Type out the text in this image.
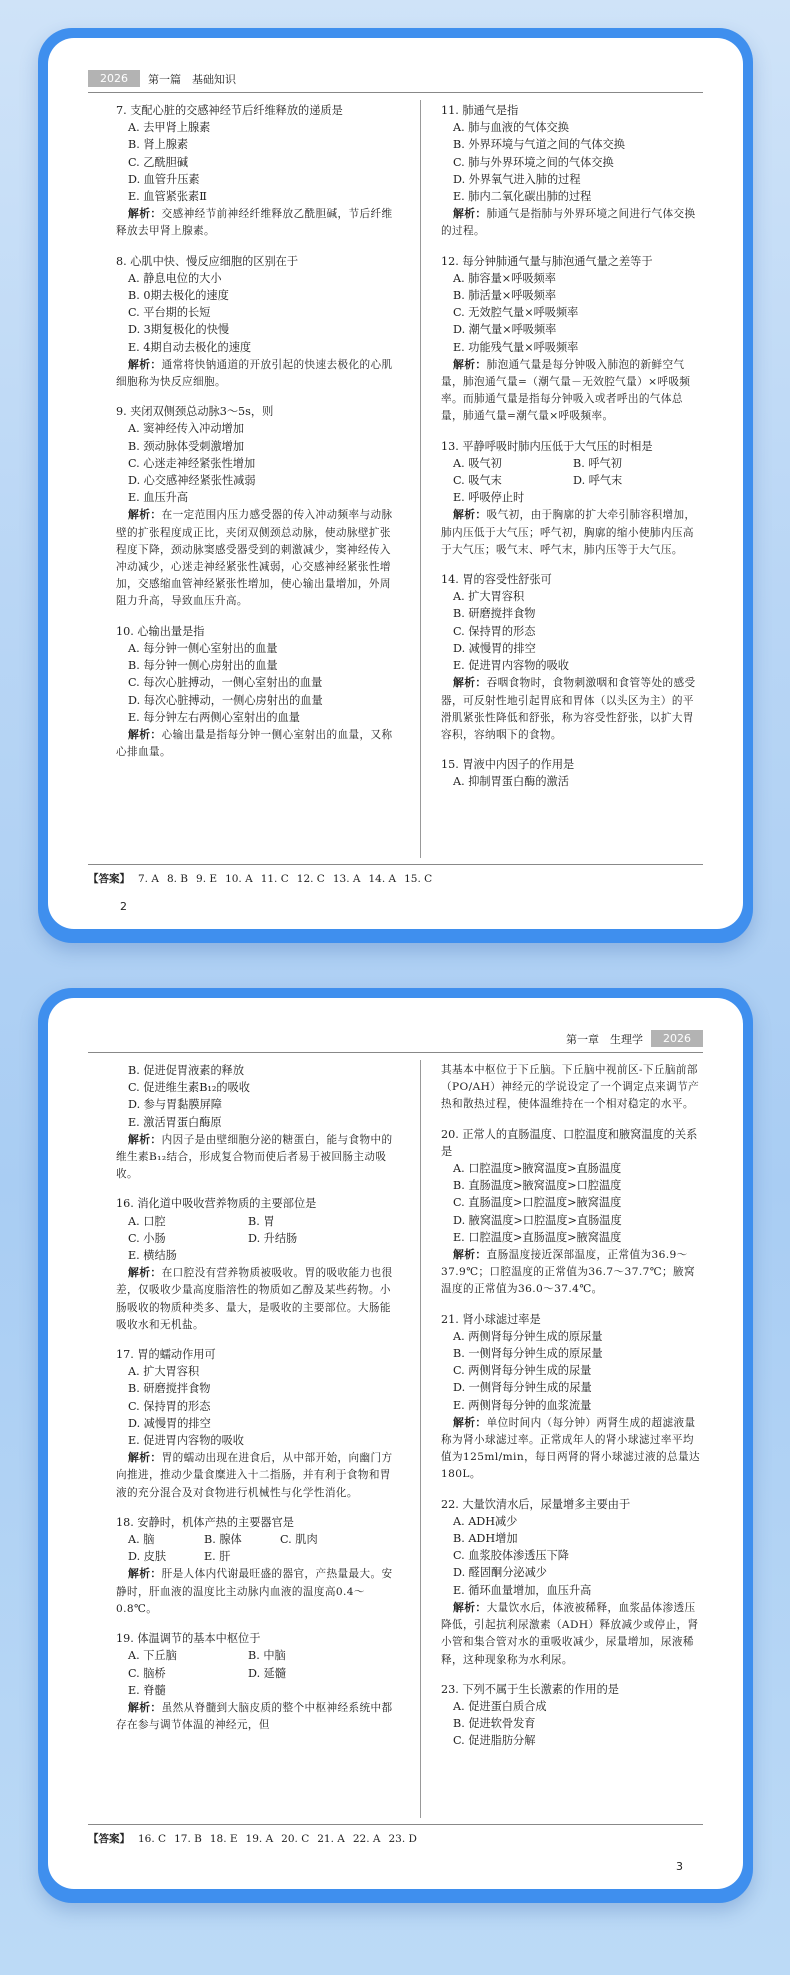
2026	第一篇　基础知识
7. 支配心脏的交感神经节后纤维释放的递质是
A. 去甲肾上腺素
B. 肾上腺素
C. 乙酰胆碱
D. 血管升压素
E. 血管紧张素Ⅱ
解析：交感神经节前神经纤维释放乙酰胆碱，节后纤维释放去甲肾上腺素。
8. 心肌中快、慢反应细胞的区别在于
A. 静息电位的大小
B. 0期去极化的速度
C. 平台期的长短
D. 3期复极化的快慢
E. 4期自动去极化的速度
解析：通常将快钠通道的开放引起的快速去极化的心肌细胞称为快反应细胞。
9. 夹闭双侧颈总动脉3～5s，则
A. 窦神经传入冲动增加
B. 颈动脉体受刺激增加
C. 心迷走神经紧张性增加
D. 心交感神经紧张性减弱
E. 血压升高
解析：在一定范围内压力感受器的传入冲动频率与动脉壁的扩张程度成正比，夹闭双侧颈总动脉，使动脉壁扩张程度下降，颈动脉窦感受器受到的刺激减少，窦神经传入冲动减少，心迷走神经紧张性减弱，心交感神经紧张性增加，交感缩血管神经紧张性增加，使心输出量增加，外周阻力升高，导致血压升高。
10. 心输出量是指
A. 每分钟一侧心室射出的血量
B. 每分钟一侧心房射出的血量
C. 每次心脏搏动，一侧心室射出的血量
D. 每次心脏搏动，一侧心房射出的血量
E. 每分钟左右两侧心室射出的血量
解析：心输出量是指每分钟一侧心室射出的血量，又称心排血量。
11. 肺通气是指
A. 肺与血液的气体交换
B. 外界环境与气道之间的气体交换
C. 肺与外界环境之间的气体交换
D. 外界氧气进入肺的过程
E. 肺内二氧化碳出肺的过程
解析：肺通气是指肺与外界环境之间进行气体交换的过程。
12. 每分钟肺通气量与肺泡通气量之差等于
A. 肺容量×呼吸频率
B. 肺活量×呼吸频率
C. 无效腔气量×呼吸频率
D. 潮气量×呼吸频率
E. 功能残气量×呼吸频率
解析：肺泡通气量是每分钟吸入肺泡的新鲜空气量，肺泡通气量=（潮气量－无效腔气量）×呼吸频率。而肺通气量是指每分钟吸入或者呼出的气体总量，肺通气量=潮气量×呼吸频率。
13. 平静呼吸时肺内压低于大气压的时相是
A. 吸气初	B. 呼气初
C. 吸气末	D. 呼气末
E. 呼吸停止时
解析：吸气初，由于胸廓的扩大牵引肺容积增加，肺内压低于大气压；呼气初，胸廓的缩小使肺内压高于大气压；吸气末、呼气末，肺内压等于大气压。
14. 胃的容受性舒张可
A. 扩大胃容积
B. 研磨搅拌食物
C. 保持胃的形态
D. 减慢胃的排空
E. 促进胃内容物的吸收
解析：吞咽食物时，食物刺激咽和食管等处的感受器，可反射性地引起胃底和胃体（以头区为主）的平滑肌紧张性降低和舒张，称为容受性舒张，以扩大胃容积，容纳咽下的食物。
15. 胃液中内因子的作用是
A. 抑制胃蛋白酶的激活
【答案】 7. A 8. B 9. E 10. A 11. C 12. C 13. A 14. A 15. C
2
第一章　生理学	2026
B. 促进促胃液素的释放
C. 促进维生素B₁₂的吸收
D. 参与胃黏膜屏障
E. 激活胃蛋白酶原
解析：内因子是由壁细胞分泌的糖蛋白，能与食物中的维生素B₁₂结合，形成复合物而使后者易于被回肠主动吸收。
16. 消化道中吸收营养物质的主要部位是
A. 口腔	B. 胃
C. 小肠	D. 升结肠
E. 横结肠
解析：在口腔没有营养物质被吸收。胃的吸收能力也很差，仅吸收少量高度脂溶性的物质如乙醇及某些药物。小肠吸收的物质种类多、量大，是吸收的主要部位。大肠能吸收水和无机盐。
17. 胃的蠕动作用可
A. 扩大胃容积
B. 研磨搅拌食物
C. 保持胃的形态
D. 减慢胃的排空
E. 促进胃内容物的吸收
解析：胃的蠕动出现在进食后，从中部开始，向幽门方向推进，推动少量食糜进入十二指肠，并有利于食物和胃液的充分混合及对食物进行机械性与化学性消化。
18. 安静时，机体产热的主要器官是
A. 脑	B. 腺体	C. 肌肉
D. 皮肤	E. 肝
解析：肝是人体内代谢最旺盛的器官，产热量最大。安静时，肝血液的温度比主动脉内血液的温度高0.4～0.8℃。
19. 体温调节的基本中枢位于
A. 下丘脑	B. 中脑
C. 脑桥	D. 延髓
E. 脊髓
解析：虽然从脊髓到大脑皮质的整个中枢神经系统中都存在参与调节体温的神经元，但
其基本中枢位于下丘脑。下丘脑中视前区-下丘脑前部（PO/AH）神经元的学说设定了一个调定点来调节产热和散热过程，使体温维持在一个相对稳定的水平。
20. 正常人的直肠温度、口腔温度和腋窝温度的关系是
A. 口腔温度>腋窝温度>直肠温度
B. 直肠温度>腋窝温度>口腔温度
C. 直肠温度>口腔温度>腋窝温度
D. 腋窝温度>口腔温度>直肠温度
E. 口腔温度>直肠温度>腋窝温度
解析：直肠温度接近深部温度，正常值为36.9～37.9℃；口腔温度的正常值为36.7～37.7℃；腋窝温度的正常值为36.0～37.4℃。
21. 肾小球滤过率是
A. 两侧肾每分钟生成的原尿量
B. 一侧肾每分钟生成的原尿量
C. 两侧肾每分钟生成的尿量
D. 一侧肾每分钟生成的尿量
E. 两侧肾每分钟的血浆流量
解析：单位时间内（每分钟）两肾生成的超滤液量称为肾小球滤过率。正常成年人的肾小球滤过率平均值为125ml/min，每日两肾的肾小球滤过液的总量达180L。
22. 大量饮清水后，尿量增多主要由于
A. ADH减少
B. ADH增加
C. 血浆胶体渗透压下降
D. 醛固酮分泌减少
E. 循环血量增加，血压升高
解析：大量饮水后，体液被稀释，血浆晶体渗透压降低，引起抗利尿激素（ADH）释放减少或停止，肾小管和集合管对水的重吸收减少，尿量增加，尿液稀释，这种现象称为水利尿。
23. 下列不属于生长激素的作用的是
A. 促进蛋白质合成
B. 促进软骨发育
C. 促进脂肪分解
【答案】 16. C 17. B 18. E 19. A 20. C 21. A 22. A 23. D
3
